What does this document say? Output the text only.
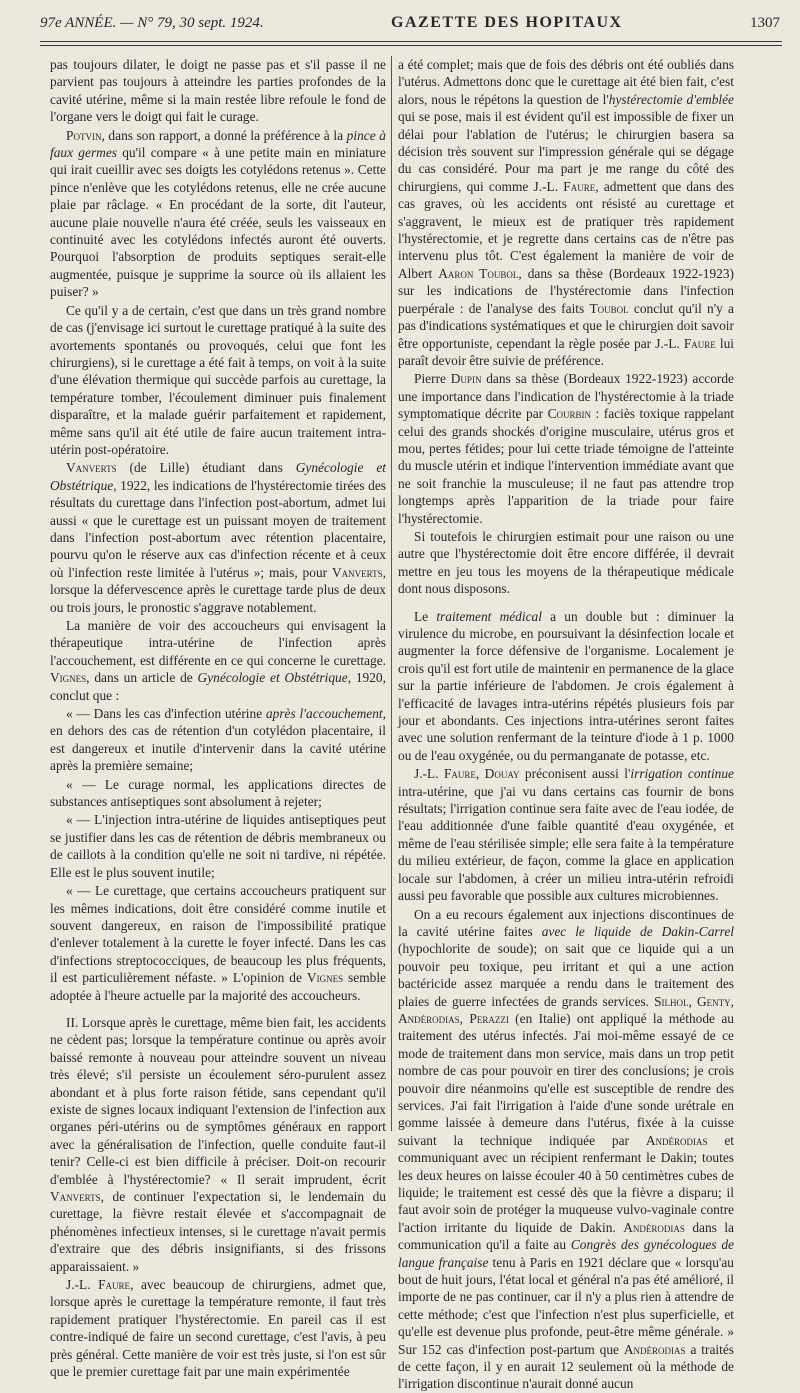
97e ANNÉE. — N° 79, 30 sept. 1924.	GAZETTE DES HOPITAUX	1307

pas toujours dilater, le doigt ne passe pas et s'il passe il ne parvient pas toujours à atteindre les parties profondes de la cavité utérine, même si la main restée libre refoule le fond de l'organe vers le doigt qui fait le curage.

Potvin, dans son rapport, a donné la préférence à la pince à faux germes qu'il compare « à une petite main en miniature qui irait cueillir avec ses doigts les cotylédons retenus ». Cette pince n'enlève que les cotylédons retenus, elle ne crée aucune plaie par râclage. « En procédant de la sorte, dit l'auteur, aucune plaie nouvelle n'aura été créée, seuls les vaisseaux en continuité avec les cotylédons infectés auront été ouverts. Pourquoi l'absorption de produits septiques serait-elle augmentée, puisque je supprime la source où ils allaient les puiser? »

Ce qu'il y a de certain, c'est que dans un très grand nombre de cas (j'envisage ici surtout le curettage pratiqué à la suite des avortements spontanés ou provoqués, celui que font les chirurgiens), si le curettage a été fait à temps, on voit à la suite d'une élévation thermique qui succède parfois au curettage, la température tomber, l'écoulement diminuer puis finalement disparaître, et la malade guérir parfaitement et rapidement, même sans qu'il ait été utile de faire aucun traitement intra-utérin post-opératoire.

Vanverts (de Lille) étudiant dans Gynécologie et Obstétrique, 1922, les indications de l'hystérectomie tirées des résultats du curettage dans l'infection post-abortum, admet lui aussi « que le curettage est un puissant moyen de traitement dans l'infection post-abortum avec rétention placentaire, pourvu qu'on le réserve aux cas d'infection récente et à ceux où l'infection reste limitée à l'utérus »; mais, pour Vanverts, lorsque la défervescence après le curettage tarde plus de deux ou trois jours, le pronostic s'aggrave notablement.

La manière de voir des accoucheurs qui envisagent la thérapeutique intra-utérine de l'infection après l'accouchement, est différente en ce qui concerne le curettage. Vignes, dans un article de Gynécologie et Obstétrique, 1920, conclut que :

« — Dans les cas d'infection utérine après l'accouchement, en dehors des cas de rétention d'un cotylédon placentaire, il est dangereux et inutile d'intervenir dans la cavité utérine après la première semaine;

« — Le curage normal, les applications directes de substances antiseptiques sont absolument à rejeter;

« — L'injection intra-utérine de liquides antiseptiques peut se justifier dans les cas de rétention de débris membraneux ou de caillots à la condition qu'elle ne soit ni tardive, ni répétée. Elle est le plus souvent inutile;

« — Le curettage, que certains accoucheurs pratiquent sur les mêmes indications, doit être considéré comme inutile et souvent dangereux, en raison de l'impossibilité pratique d'enlever totalement à la curette le foyer infecté. Dans les cas d'infections streptococciques, de beaucoup les plus fréquents, il est particulièrement néfaste. » L'opinion de Vignes semble adoptée à l'heure actuelle par la majorité des accoucheurs.

II. Lorsque après le curettage, même bien fait, les accidents ne cèdent pas; lorsque la température continue ou après avoir baissé remonte à nouveau pour atteindre souvent un niveau très élevé; s'il persiste un écoulement séro-purulent assez abondant et à plus forte raison fétide, sans cependant qu'il existe de signes locaux indiquant l'extension de l'infection aux organes péri-utérins ou de symptômes généraux en rapport avec la généralisation de l'infection, quelle conduite faut-il tenir? Celle-ci est bien difficile à préciser. Doit-on recourir d'emblée à l'hystérectomie? « Il serait imprudent, écrit Vanverts, de continuer l'expectation si, le lendemain du curettage, la fièvre restait élevée et s'accompagnait de phénomènes infectieux intenses, si le curettage n'avait permis d'extraire que des débris insignifiants, si des frissons apparaissaient. »

J.-L. Faure, avec beaucoup de chirurgiens, admet que, lorsque après le curettage la température remonte, il faut très rapidement pratiquer l'hystérectomie. En pareil cas il est contre-indiqué de faire un second curettage, c'est l'avis, à peu près général. Cette manière de voir est très juste, si l'on est sûr que le premier curettage fait par une main expérimentée

a été complet; mais que de fois des débris ont été oubliés dans l'utérus. Admettons donc que le curettage ait été bien fait, c'est alors, nous le répétons la question de l'hystérectomie d'emblée qui se pose, mais il est évident qu'il est impossible de fixer un délai pour l'ablation de l'utérus; le chirurgien basera sa décision très souvent sur l'impression générale qui se dégage du cas considéré. Pour ma part je me range du côté des chirurgiens, qui comme J.-L. Faure, admettent que dans des cas graves, où les accidents ont résisté au curettage et s'aggravent, le mieux est de pratiquer très rapidement l'hystérectomie, et je regrette dans certains cas de n'être pas intervenu plus tôt. C'est également la manière de voir de Albert Aaron Toubol, dans sa thèse (Bordeaux 1922-1923) sur les indications de l'hystérectomie dans l'infection puerpérale : de l'analyse des faits Toubol conclut qu'il n'y a pas d'indications systématiques et que le chirurgien doit savoir être opportuniste, cependant la règle posée par J.-L. Faure lui paraît devoir être suivie de préférence.

Pierre Dupin dans sa thèse (Bordeaux 1922-1923) accorde une importance dans l'indication de l'hystérectomie à la triade symptomatique décrite par Courbin : faciès toxique rappelant celui des grands shockés d'origine musculaire, utérus gros et mou, pertes fétides; pour lui cette triade témoigne de l'atteinte du muscle utérin et indique l'intervention immédiate avant que ne soit franchie la musculeuse; il ne faut pas attendre trop longtemps après l'apparition de la triade pour faire l'hystérectomie.

Si toutefois le chirurgien estimait pour une raison ou une autre que l'hystérectomie doit être encore différée, il devrait mettre en jeu tous les moyens de la thérapeutique médicale dont nous disposons.

Le traitement médical a un double but : diminuer la virulence du microbe, en poursuivant la désinfection locale et augmenter la force défensive de l'organisme. Localement je crois qu'il est fort utile de maintenir en permanence de la glace sur la partie inférieure de l'abdomen. Je crois également à l'efficacité de lavages intra-utérins répétés plusieurs fois par jour et abondants. Ces injections intra-utérines seront faites avec une solution renfermant de la teinture d'iode à 1 p. 1000 ou de l'eau oxygénée, ou du permanganate de potasse, etc.

J.-L. Faure, Douay préconisent aussi l'irrigation continue intra-utérine, que j'ai vu dans certains cas fournir de bons résultats; l'irrigation continue sera faite avec de l'eau iodée, de l'eau additionnée d'une faible quantité d'eau oxygénée, et même de l'eau stérilisée simple; elle sera faite à la température du milieu extérieur, de façon, comme la glace en application locale sur l'abdomen, à créer un milieu intra-utérin refroidi aussi peu favorable que possible aux cultures microbiennes.

On a eu recours également aux injections discontinues de la cavité utérine faites avec le liquide de Dakin-Carrel (hypochlorite de soude); on sait que ce liquide qui a un pouvoir peu toxique, peu irritant et qui a une action bactéricide assez marquée a rendu dans le traitement des plaies de guerre infectées de grands services. Silhol, Genty, Andérodias, Perazzi (en Italie) ont appliqué la méthode au traitement des utérus infectés. J'ai moi-même essayé de ce mode de traitement dans mon service, mais dans un trop petit nombre de cas pour pouvoir en tirer des conclusions; je crois pouvoir dire néanmoins qu'elle est susceptible de rendre des services. J'ai fait l'irrigation à l'aide d'une sonde urétrale en gomme laissée à demeure dans l'utérus, fixée à la cuisse suivant la technique indiquée par Andérodias et communiquant avec un récipient renfermant le Dakin; toutes les deux heures on laisse écouler 40 à 50 centimètres cubes de liquide; le traitement est cessé dès que la fièvre a disparu; il faut avoir soin de protéger la muqueuse vulvo-vaginale contre l'action irritante du liquide de Dakin. Andérodias dans la communication qu'il a faite au Congrès des gynécologues de langue française tenu à Paris en 1921 déclare que « lorsqu'au bout de huit jours, l'état local et général n'a pas été amélioré, il importe de ne pas continuer, car il n'y a plus rien à attendre de cette méthode; c'est que l'infection n'est plus superficielle, et qu'elle est devenue plus profonde, peut-être même générale. » Sur 152 cas d'infection post-partum que Andérodias a traités de cette façon, il y en aurait 12 seulement où la méthode de l'irrigation discontinue n'aurait donné aucun
